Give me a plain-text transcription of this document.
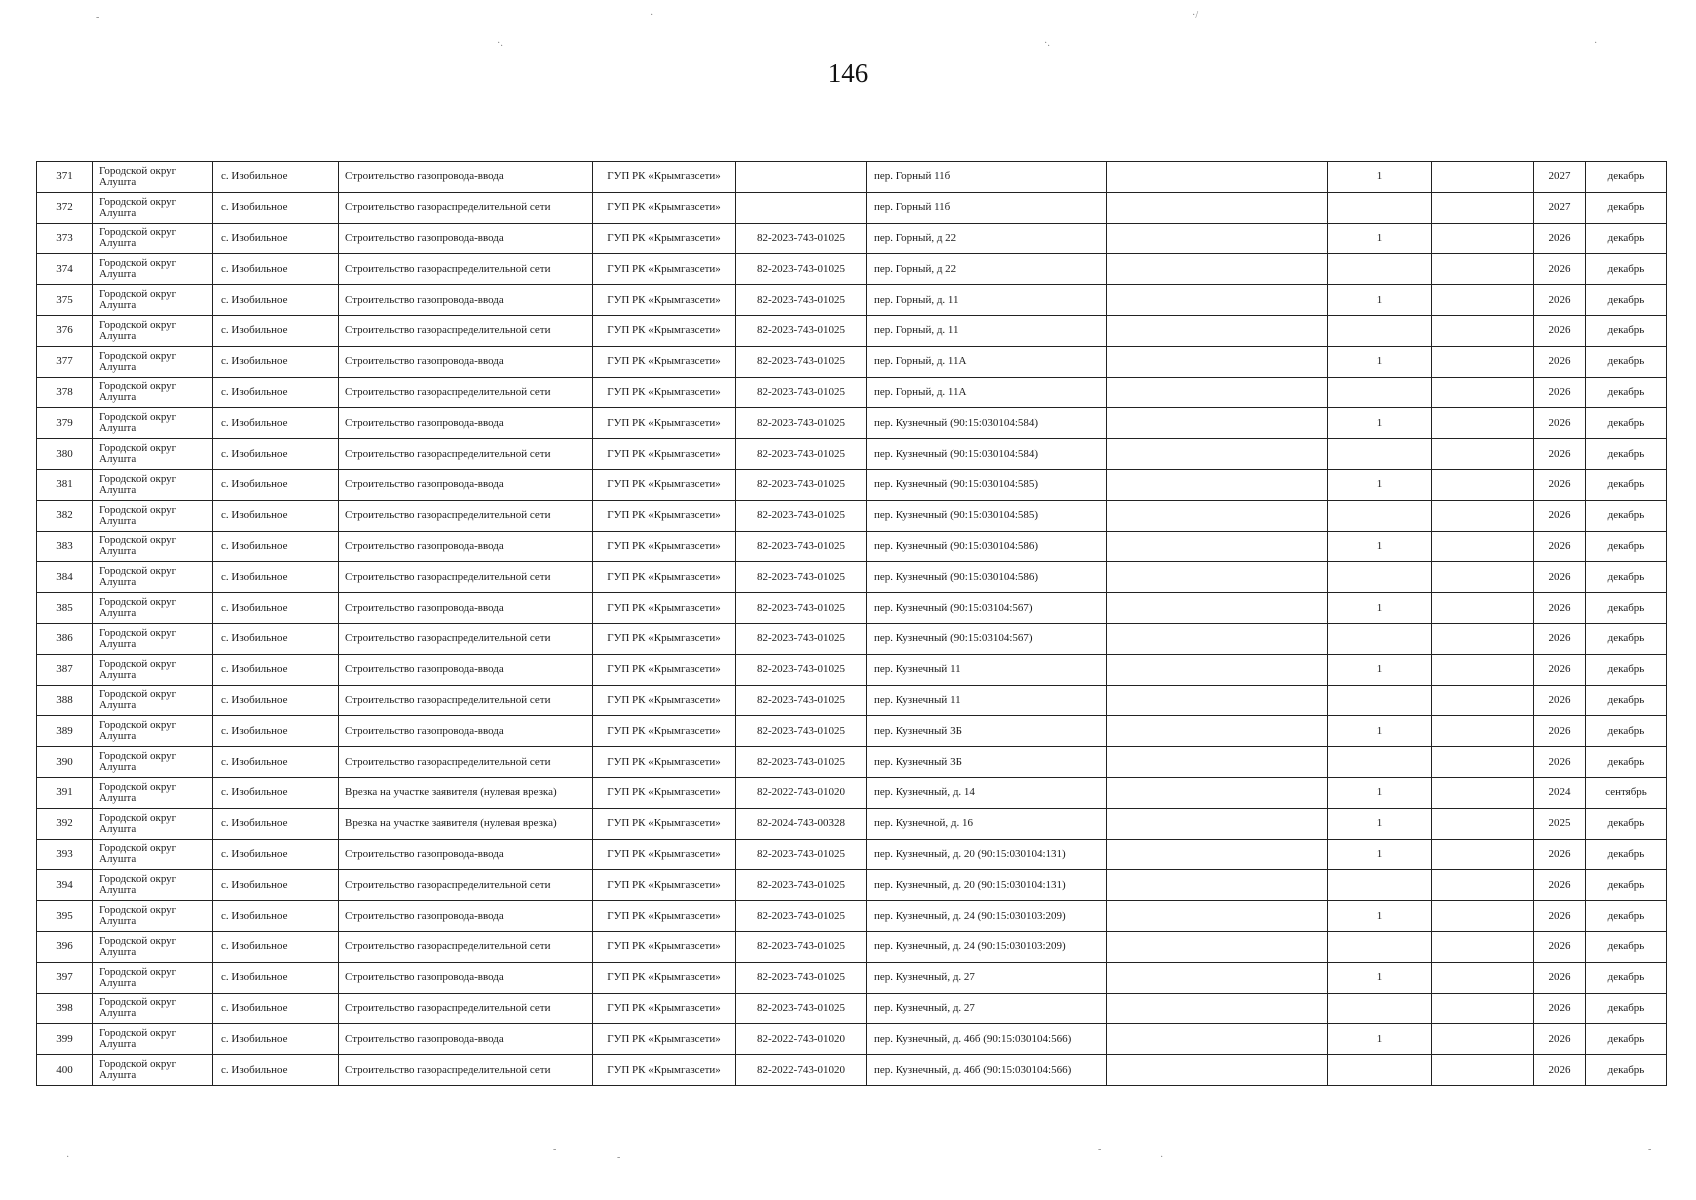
-
·.
·
·.
·/
·
·
-
-
-
·
-
146
371	Городской округ Алушта	с. Изобильное	Строительство газопровода-ввода	ГУП РК «Крымгазсети»		пер. Горный 11б		1		2027	декабрь
372	Городской округ Алушта	с. Изобильное	Строительство газораспределительной сети	ГУП РК «Крымгазсети»		пер. Горный 11б				2027	декабрь
373	Городской округ Алушта	с. Изобильное	Строительство газопровода-ввода	ГУП РК «Крымгазсети»	82-2023-743-01025	пер. Горный, д 22		1		2026	декабрь
374	Городской округ Алушта	с. Изобильное	Строительство газораспределительной сети	ГУП РК «Крымгазсети»	82-2023-743-01025	пер. Горный, д 22				2026	декабрь
375	Городской округ Алушта	с. Изобильное	Строительство газопровода-ввода	ГУП РК «Крымгазсети»	82-2023-743-01025	пер. Горный, д. 11		1		2026	декабрь
376	Городской округ Алушта	с. Изобильное	Строительство газораспределительной сети	ГУП РК «Крымгазсети»	82-2023-743-01025	пер. Горный, д. 11				2026	декабрь
377	Городской округ Алушта	с. Изобильное	Строительство газопровода-ввода	ГУП РК «Крымгазсети»	82-2023-743-01025	пер. Горный, д. 11А		1		2026	декабрь
378	Городской округ Алушта	с. Изобильное	Строительство газораспределительной сети	ГУП РК «Крымгазсети»	82-2023-743-01025	пер. Горный, д. 11А				2026	декабрь
379	Городской округ Алушта	с. Изобильное	Строительство газопровода-ввода	ГУП РК «Крымгазсети»	82-2023-743-01025	пер. Кузнечный (90:15:030104:584)		1		2026	декабрь
380	Городской округ Алушта	с. Изобильное	Строительство газораспределительной сети	ГУП РК «Крымгазсети»	82-2023-743-01025	пер. Кузнечный (90:15:030104:584)				2026	декабрь
381	Городской округ Алушта	с. Изобильное	Строительство газопровода-ввода	ГУП РК «Крымгазсети»	82-2023-743-01025	пер. Кузнечный (90:15:030104:585)		1		2026	декабрь
382	Городской округ Алушта	с. Изобильное	Строительство газораспределительной сети	ГУП РК «Крымгазсети»	82-2023-743-01025	пер. Кузнечный (90:15:030104:585)				2026	декабрь
383	Городской округ Алушта	с. Изобильное	Строительство газопровода-ввода	ГУП РК «Крымгазсети»	82-2023-743-01025	пер. Кузнечный (90:15:030104:586)		1		2026	декабрь
384	Городской округ Алушта	с. Изобильное	Строительство газораспределительной сети	ГУП РК «Крымгазсети»	82-2023-743-01025	пер. Кузнечный (90:15:030104:586)				2026	декабрь
385	Городской округ Алушта	с. Изобильное	Строительство газопровода-ввода	ГУП РК «Крымгазсети»	82-2023-743-01025	пер. Кузнечный (90:15:03104:567)		1		2026	декабрь
386	Городской округ Алушта	с. Изобильное	Строительство газораспределительной сети	ГУП РК «Крымгазсети»	82-2023-743-01025	пер. Кузнечный (90:15:03104:567)				2026	декабрь
387	Городской округ Алушта	с. Изобильное	Строительство газопровода-ввода	ГУП РК «Крымгазсети»	82-2023-743-01025	пер. Кузнечный 11		1		2026	декабрь
388	Городской округ Алушта	с. Изобильное	Строительство газораспределительной сети	ГУП РК «Крымгазсети»	82-2023-743-01025	пер. Кузнечный 11				2026	декабрь
389	Городской округ Алушта	с. Изобильное	Строительство газопровода-ввода	ГУП РК «Крымгазсети»	82-2023-743-01025	пер. Кузнечный 3Б		1		2026	декабрь
390	Городской округ Алушта	с. Изобильное	Строительство газораспределительной сети	ГУП РК «Крымгазсети»	82-2023-743-01025	пер. Кузнечный 3Б				2026	декабрь
391	Городской округ Алушта	с. Изобильное	Врезка на участке заявителя (нулевая врезка)	ГУП РК «Крымгазсети»	82-2022-743-01020	пер. Кузнечный, д. 14		1		2024	сентябрь
392	Городской округ Алушта	с. Изобильное	Врезка на участке заявителя (нулевая врезка)	ГУП РК «Крымгазсети»	82-2024-743-00328	пер. Кузнечной, д. 16		1		2025	декабрь
393	Городской округ Алушта	с. Изобильное	Строительство газопровода-ввода	ГУП РК «Крымгазсети»	82-2023-743-01025	пер. Кузнечный, д. 20 (90:15:030104:131)		1		2026	декабрь
394	Городской округ Алушта	с. Изобильное	Строительство газораспределительной сети	ГУП РК «Крымгазсети»	82-2023-743-01025	пер. Кузнечный, д. 20 (90:15:030104:131)				2026	декабрь
395	Городской округ Алушта	с. Изобильное	Строительство газопровода-ввода	ГУП РК «Крымгазсети»	82-2023-743-01025	пер. Кузнечный, д. 24 (90:15:030103:209)		1		2026	декабрь
396	Городской округ Алушта	с. Изобильное	Строительство газораспределительной сети	ГУП РК «Крымгазсети»	82-2023-743-01025	пер. Кузнечный, д. 24 (90:15:030103:209)				2026	декабрь
397	Городской округ Алушта	с. Изобильное	Строительство газопровода-ввода	ГУП РК «Крымгазсети»	82-2023-743-01025	пер. Кузнечный, д. 27		1		2026	декабрь
398	Городской округ Алушта	с. Изобильное	Строительство газораспределительной сети	ГУП РК «Крымгазсети»	82-2023-743-01025	пер. Кузнечный, д. 27				2026	декабрь
399	Городской округ Алушта	с. Изобильное	Строительство газопровода-ввода	ГУП РК «Крымгазсети»	82-2022-743-01020	пер. Кузнечный, д. 46б (90:15:030104:566)		1		2026	декабрь
400	Городской округ Алушта	с. Изобильное	Строительство газораспределительной сети	ГУП РК «Крымгазсети»	82-2022-743-01020	пер. Кузнечный, д. 46б (90:15:030104:566)				2026	декабрь
